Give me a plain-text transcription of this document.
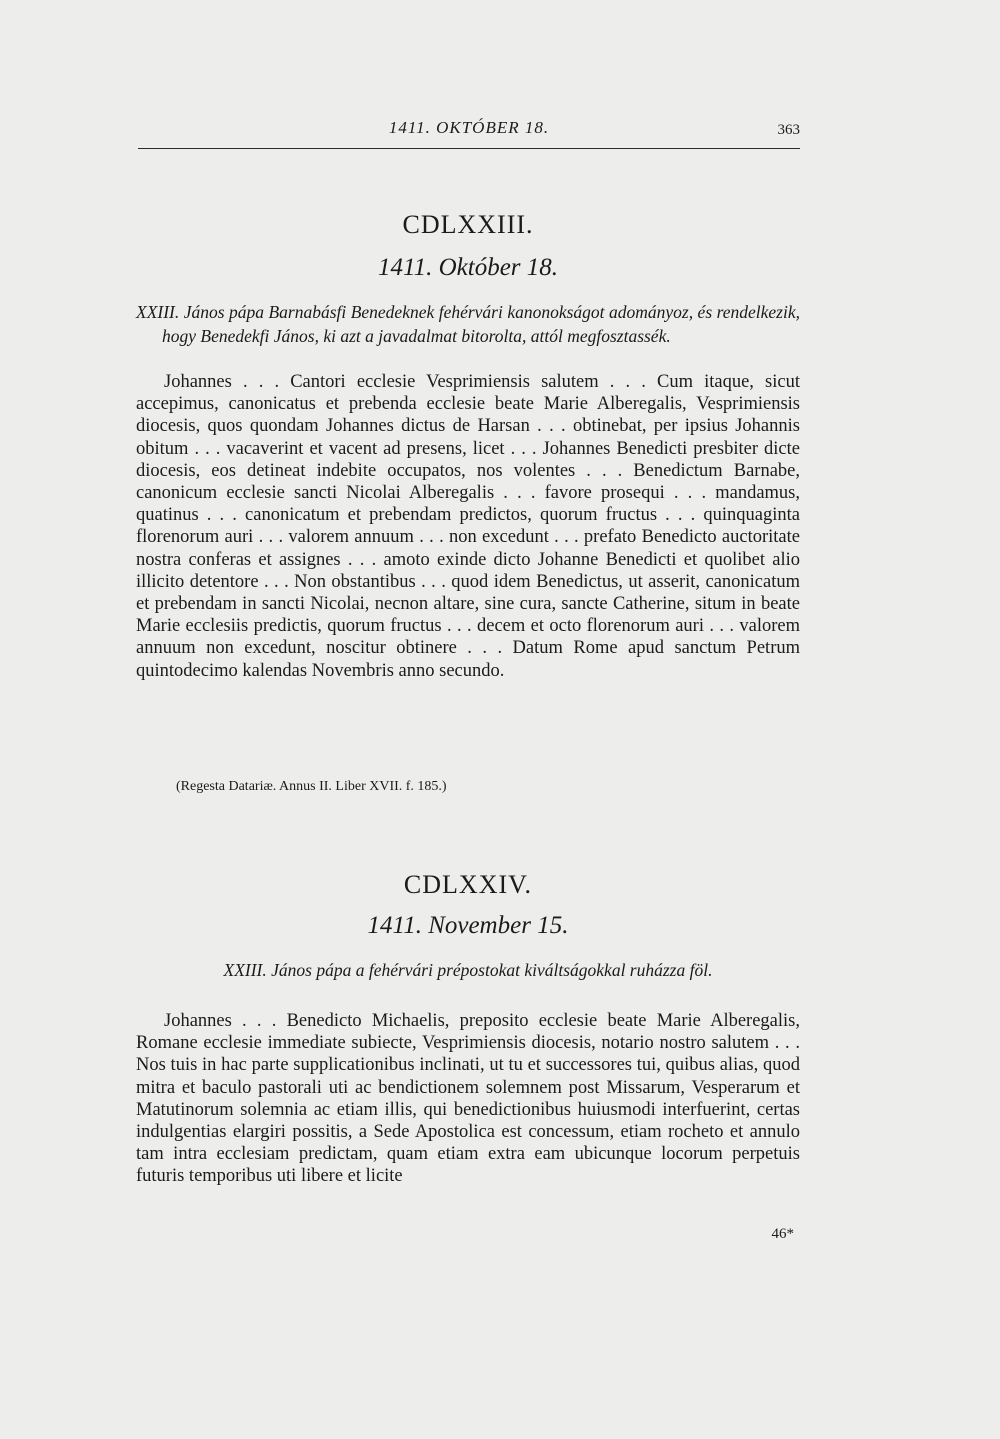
1411. OKTÓBER 18.	363

CDLXXIII.

1411. Október 18.

XXIII. János pápa Barnabásfi Benedeknek fehérvári kanonokságot adományoz, és rendelkezik, hogy Benedekfi János, ki azt a javadalmat bitorolta, attól megfosztassék.

Johannes . . . Cantori ecclesie Vesprimiensis salutem . . . Cum itaque, sicut accepimus, canonicatus et prebenda ecclesie beate Marie Alberegalis, Vesprimiensis diocesis, quos quondam Johannes dictus de Harsan . . . obtinebat, per ipsius Johannis obitum . . . vacaverint et vacent ad presens, licet . . . Johannes Benedicti presbiter dicte diocesis, eos detineat indebite occupatos, nos volentes . . . Benedictum Barnabe, canonicum ecclesie sancti Nicolai Alberegalis . . . favore prosequi . . . mandamus, quatinus . . . canonicatum et prebendam predictos, quorum fructus . . . quinquaginta florenorum auri . . . valorem annuum . . . non excedunt . . . prefato Benedicto auctoritate nostra conferas et assignes . . . amoto exinde dicto Johanne Benedicti et quolibet alio illicito detentore . . . Non obstantibus . . . quod idem Benedictus, ut asserit, canonicatum et prebendam in sancti Nicolai, necnon altare, sine cura, sancte Catherine, situm in beate Marie ecclesiis predictis, quorum fructus . . . decem et octo florenorum auri . . . valorem annuum non excedunt, noscitur obtinere . . . Datum Rome apud sanctum Petrum quintodecimo kalendas Novembris anno secundo.

(Regesta Datariæ. Annus II. Liber XVII. f. 185.)

CDLXXIV.

1411. November 15.

XXIII. János pápa a fehérvári prépostokat kiváltságokkal ruházza föl.

Johannes . . . Benedicto Michaelis, preposito ecclesie beate Marie Alberegalis, Romane ecclesie immediate subiecte, Vesprimiensis diocesis, notario nostro salutem . . . Nos tuis in hac parte supplicationibus inclinati, ut tu et successores tui, quibus alias, quod mitra et baculo pastorali uti ac bendictionem solemnem post Missarum, Vesperarum et Matutinorum solemnia ac etiam illis, qui benedictionibus huiusmodi interfuerint, certas indulgentias elargiri possitis, a Sede Apostolica est concessum, etiam rocheto et annulo tam intra ecclesiam predictam, quam etiam extra eam ubicunque locorum perpetuis futuris temporibus uti libere et licite

46*
